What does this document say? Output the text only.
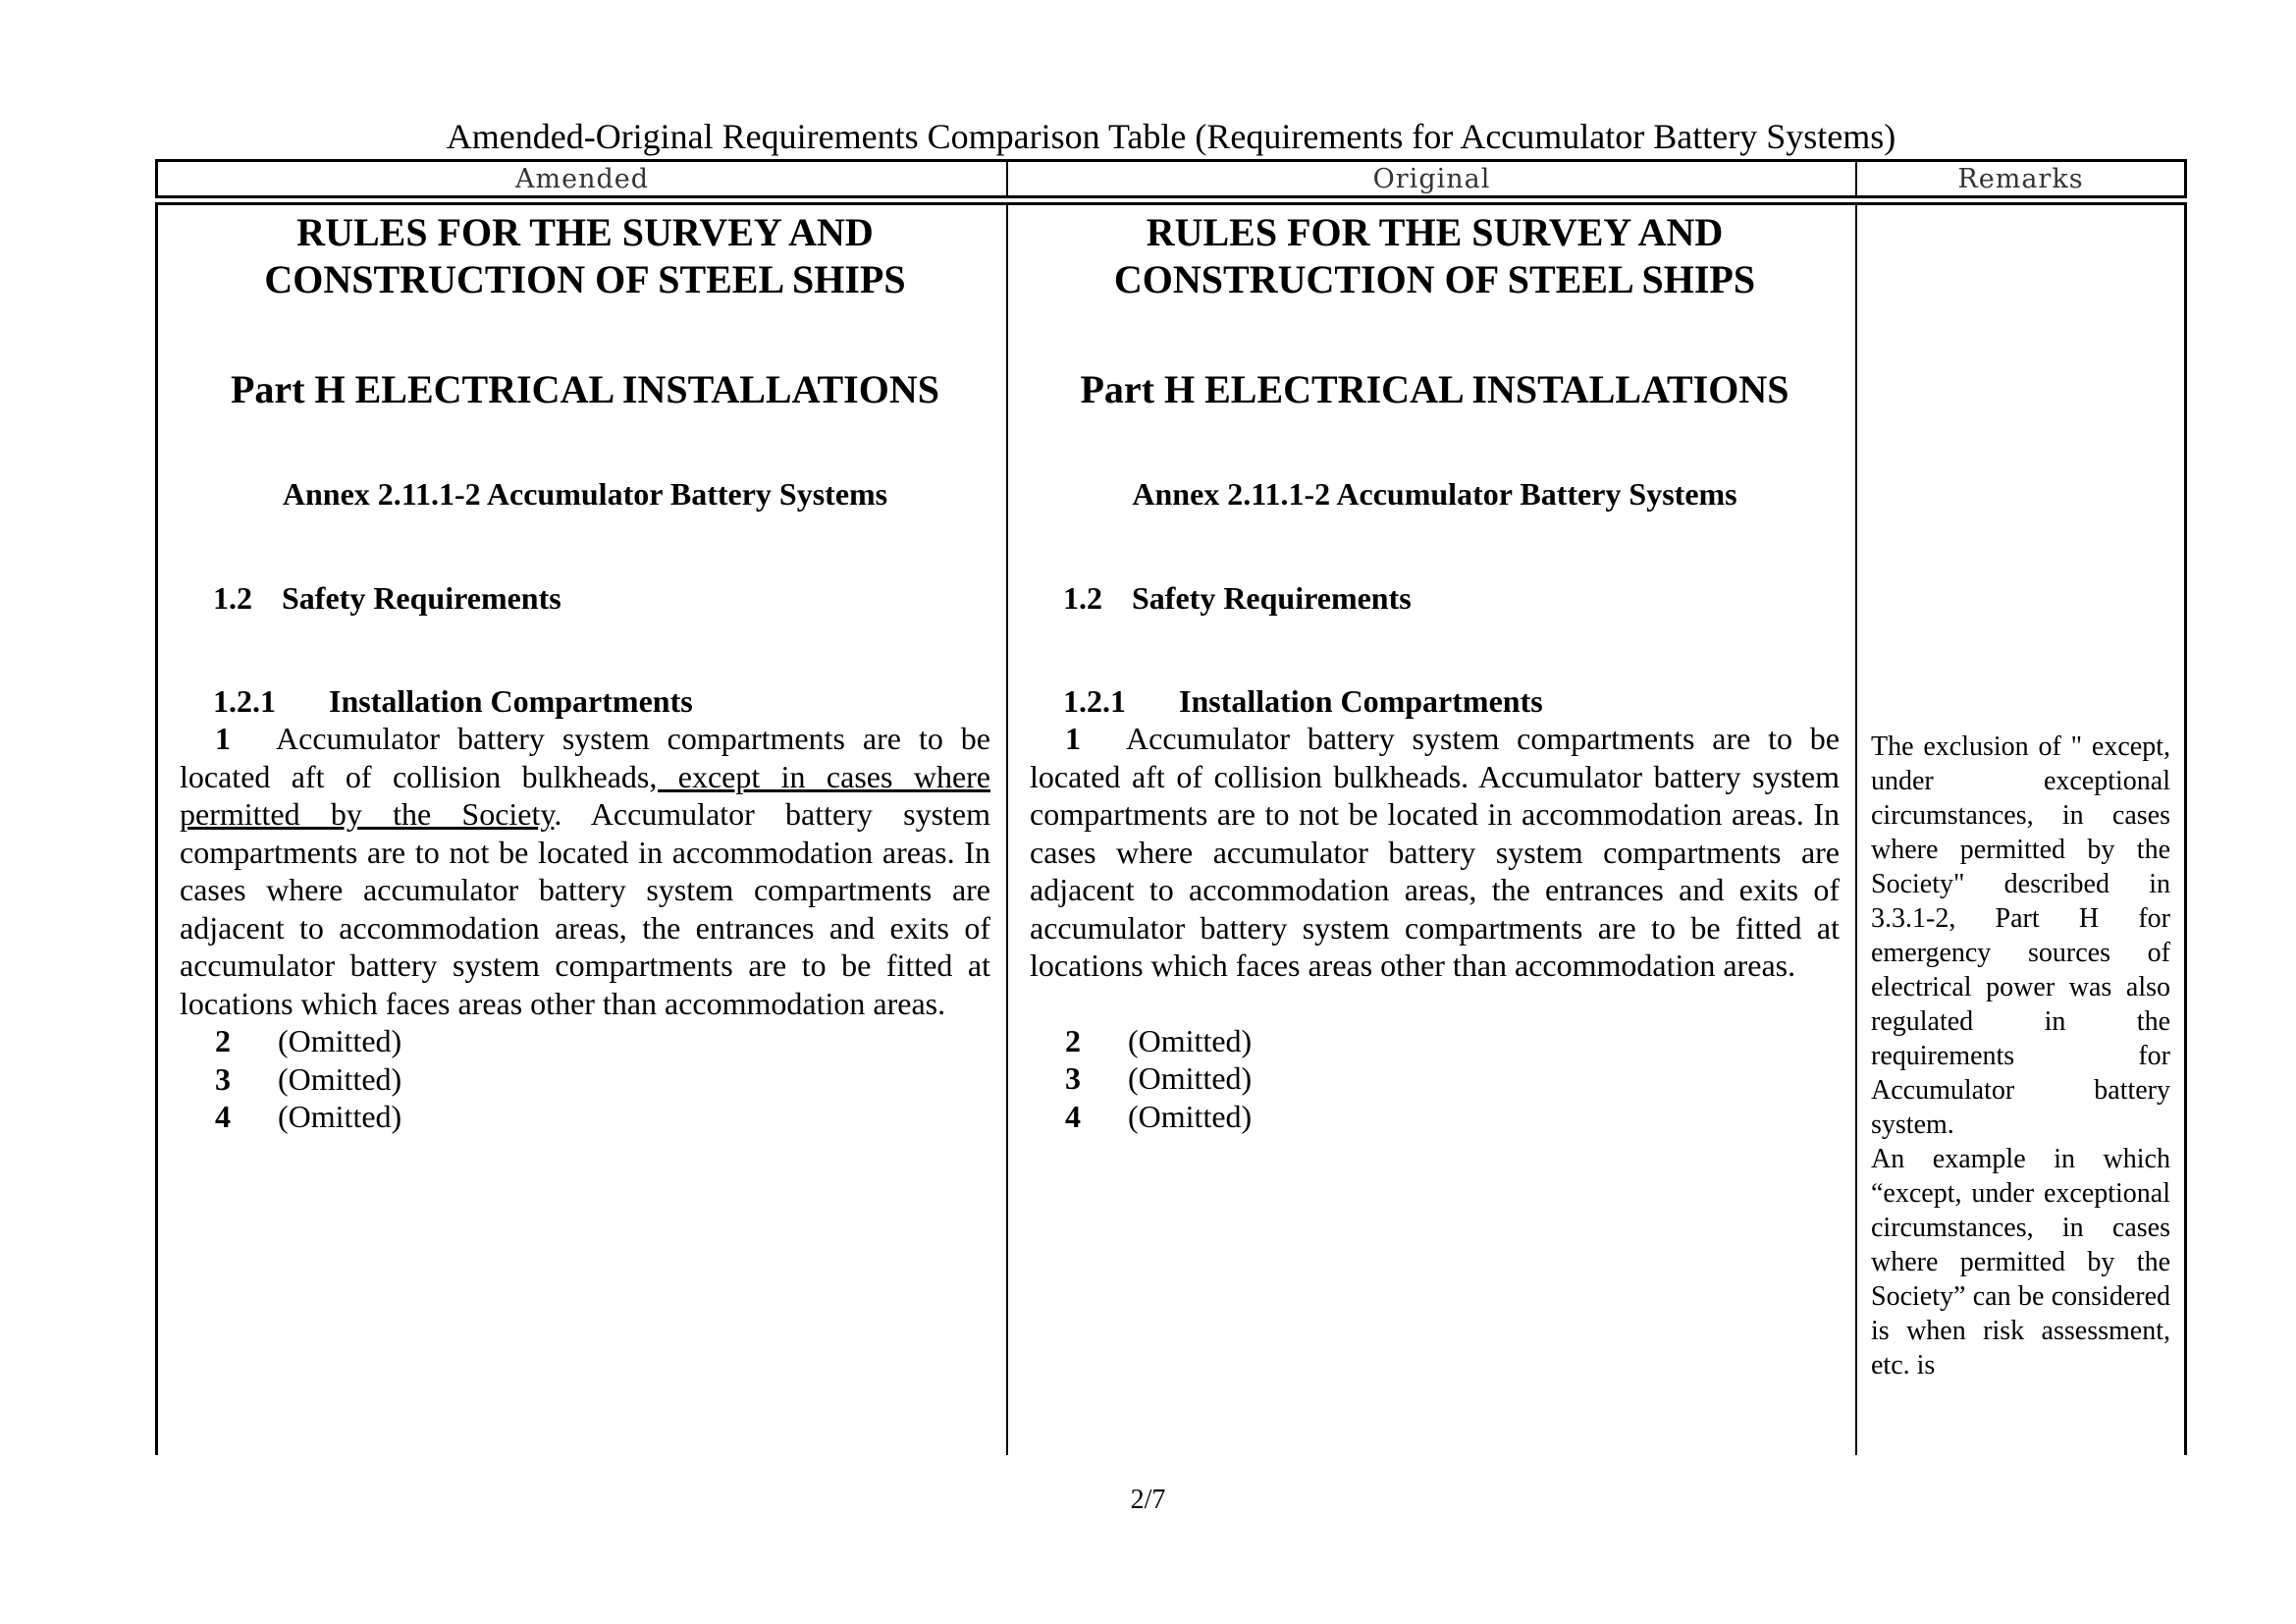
Amended-Original Requirements Comparison Table (Requirements for Accumulator Battery Systems)
Amended	Original	Remarks
RULES FOR THE SURVEY AND
CONSTRUCTION OF STEEL SHIPS
Part H ELECTRICAL INSTALLATIONS
Annex 2.11.1-2 Accumulator Battery Systems
1.2 Safety Requirements
1.2.1 Installation Compartments

1 Accumulator battery system compartments are to be located aft of collision bulkheads, except in cases where permitted by the Society. Accumulator battery system compartments are to not be located in accommodation areas. In cases where accumulator battery system compartments are adjacent to accommodation areas, the entrances and exits of accumulator battery system compartments are to be fitted at locations which faces areas other than accommodation areas.

2 (Omitted)
3 (Omitted)
4 (Omitted)
RULES FOR THE SURVEY AND
CONSTRUCTION OF STEEL SHIPS
Part H ELECTRICAL INSTALLATIONS
Annex 2.11.1-2 Accumulator Battery Systems
1.2 Safety Requirements
1.2.1 Installation Compartments

1 Accumulator battery system compartments are to be located aft of collision bulkheads. Accumulator battery system compartments are to not be located in accommodation areas. In cases where accumulator battery system compartments are adjacent to accommodation areas, the entrances and exits of accumulator battery system compartments are to be fitted at locations which faces areas other than accommodation areas.

2 (Omitted)
3 (Omitted)
4 (Omitted)

The exclusion of " except, under exceptional circumstances, in cases where permitted by the Society" described in 3.3.1-2, Part H for emergency sources of electrical power was also regulated in the requirements for Accumulator battery system.

An example in which “except, under exceptional circumstances, in cases where permitted by the Society” can be considered is when risk assessment, etc. is

2/7
